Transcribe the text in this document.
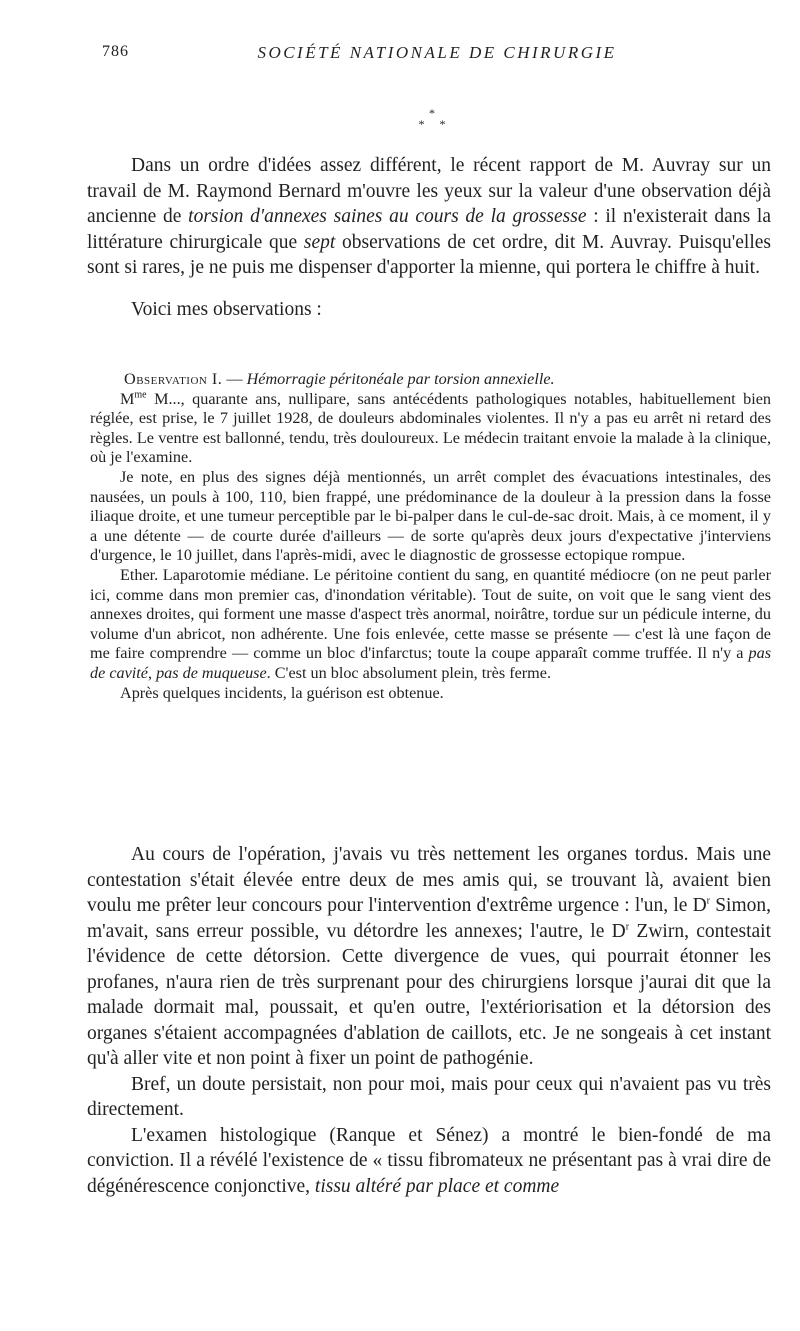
786	SOCIÉTÉ NATIONALE DE CHIRURGIE
*
* *

Dans un ordre d'idées assez différent, le récent rapport de M. Auvray sur un travail de M. Raymond Bernard m'ouvre les yeux sur la valeur d'une observation déjà ancienne de torsion d'annexes saines au cours de la grossesse : il n'existerait dans la littérature chirurgicale que sept observations de cet ordre, dit M. Auvray. Puisqu'elles sont si rares, je ne puis me dispenser d'apporter la mienne, qui portera le chiffre à huit.

Voici mes observations :

Observation I. — Hémorragie péritonéale par torsion annexielle.

$M^{me}$ M..., quarante ans, nullipare, sans antécédents pathologiques notables, habituellement bien réglée, est prise, le 7 juillet 1928, de douleurs abdominales violentes. Il n'y a pas eu arrêt ni retard des règles. Le ventre est ballonné, tendu, très douloureux. Le médecin traitant envoie la malade à la clinique, où je l'examine.

Je note, en plus des signes déjà mentionnés, un arrêt complet des évacuations intestinales, des nausées, un pouls à 100, 110, bien frappé, une prédominance de la douleur à la pression dans la fosse iliaque droite, et une tumeur perceptible par le bi-palper dans le cul-de-sac droit. Mais, à ce moment, il y a une détente — de courte durée d'ailleurs — de sorte qu'après deux jours d'expectative j'interviens d'urgence, le 10 juillet, dans l'après-midi, avec le diagnostic de grossesse ectopique rompue.

Ether. Laparotomie médiane. Le péritoine contient du sang, en quantité médiocre (on ne peut parler ici, comme dans mon premier cas, d'inondation véritable). Tout de suite, on voit que le sang vient des annexes droites, qui forment une masse d'aspect très anormal, noirâtre, tordue sur un pédicule interne, du volume d'un abricot, non adhérente. Une fois enlevée, cette masse se présente — c'est là une façon de me faire comprendre — comme un bloc d'infarctus; toute la coupe apparaît comme truffée. Il n'y a pas de cavité, pas de muqueuse. C'est un bloc absolument plein, très ferme.

Après quelques incidents, la guérison est obtenue.

Au cours de l'opération, j'avais vu très nettement les organes tordus. Mais une contestation s'était élevée entre deux de mes amis qui, se trouvant là, avaient bien voulu me prêter leur concours pour l'intervention d'extrême urgence : l'un, le $D^r$ Simon, m'avait, sans erreur possible, vu détordre les annexes; l'autre, le $D^r$ Zwirn, contestait l'évidence de cette détorsion. Cette divergence de vues, qui pourrait étonner les profanes, n'aura rien de très surprenant pour des chirurgiens lorsque j'aurai dit que la malade dormait mal, poussait, et qu'en outre, l'extériorisation et la détorsion des organes s'étaient accompagnées d'ablation de caillots, etc. Je ne songeais à cet instant qu'à aller vite et non point à fixer un point de pathogénie.

Bref, un doute persistait, non pour moi, mais pour ceux qui n'avaient pas vu très directement.

L'examen histologique (Ranque et Sénez) a montré le bien-fondé de ma conviction. Il a révélé l'existence de « tissu fibromateux ne présentant pas à vrai dire de dégénérescence conjonctive, tissu altéré par place et comme
